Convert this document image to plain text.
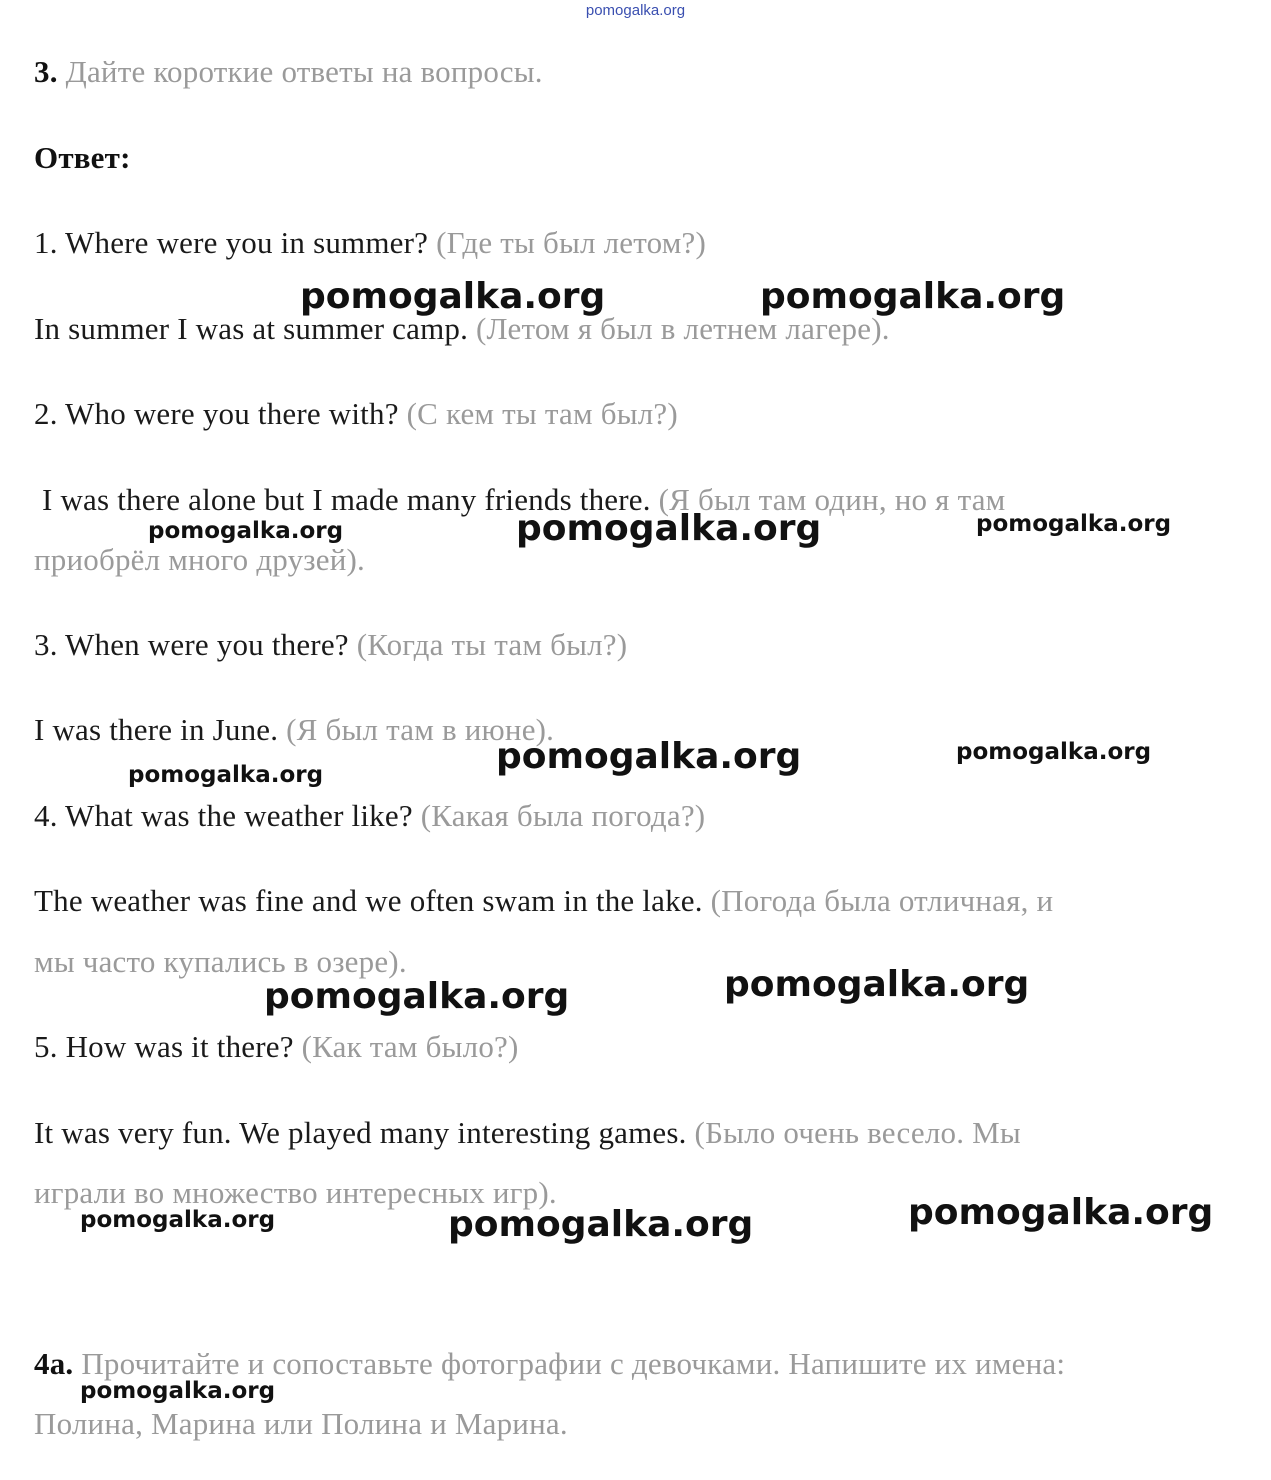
pomogalka.org
3. Дайте короткие ответы на вопросы.
Ответ:
1. Where were you in summer? (Где ты был летом?)
In summer I was at summer camp. (Летом я был в летнем лагере).
2. Who were you there with? (С кем ты там был?)
I was there alone but I made many friends there. (Я был там один, но я там
приобрёл много друзей).
3. When were you there? (Когда ты там был?)
I was there in June. (Я был там в июне).
4. What was the weather like? (Какая была погода?)
The weather was fine and we often swam in the lake. (Погода была отличная, и
мы часто купались в озере).
5. How was it there? (Как там было?)
It was very fun. We played many interesting games. (Было очень весело. Мы
играли во множество интересных игр).
4a. Прочитайте и сопоставьте фотографии с девочками. Напишите их имена:
Полина, Марина или Полина и Марина.
pomogalka.org	pomogalka.org
pomogalka.org	pomogalka.org	pomogalka.org
pomogalka.org	pomogalka.org	pomogalka.org
pomogalka.org	pomogalka.org
pomogalka.org	pomogalka.org	pomogalka.org
pomogalka.org
